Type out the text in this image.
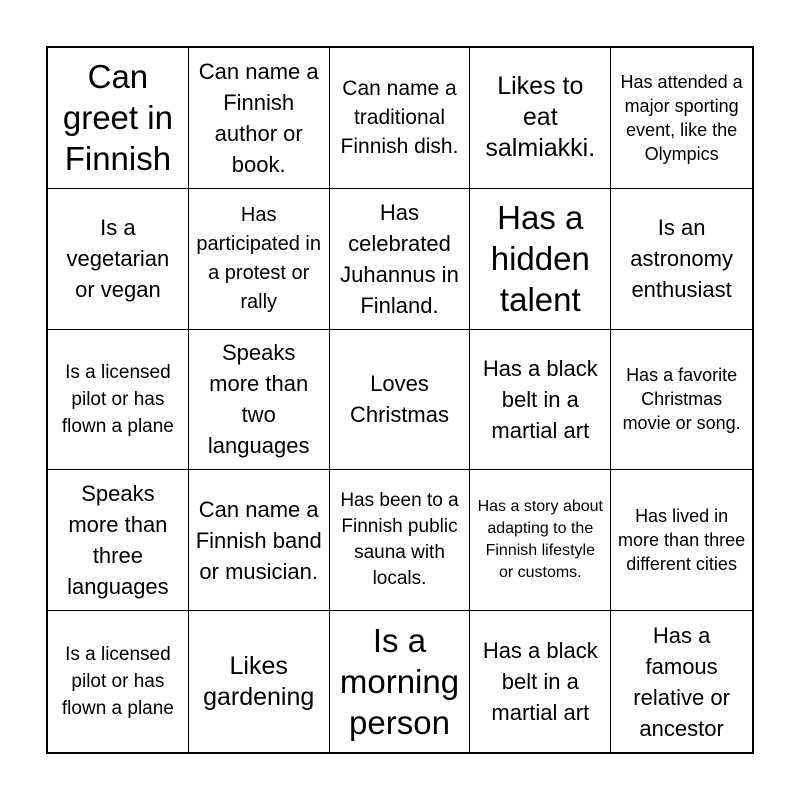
Can greet in Finnish
Can name a Finnish author or book.
Can name a traditional Finnish dish.
Likes to eat salmiakki.
Has attended a major sporting event, like the Olympics
Is a vegetarian or vegan
Has participated in a protest or rally
Has celebrated Juhannus in Finland.
Has a hidden talent
Is an astronomy enthusiast
Is a licensed pilot or has flown a plane
Speaks more than two languages
Loves Christmas
Has a black belt in a martial art
Has a favorite Christmas movie or song.
Speaks more than three languages
Can name a Finnish band or musician.
Has been to a Finnish public sauna with locals.
Has a story about adapting to the Finnish lifestyle or customs.
Has lived in more than three different cities
Is a licensed pilot or has flown a plane
Likes gardening
Is a morning person
Has a black belt in a martial art
Has a famous relative or ancestor
